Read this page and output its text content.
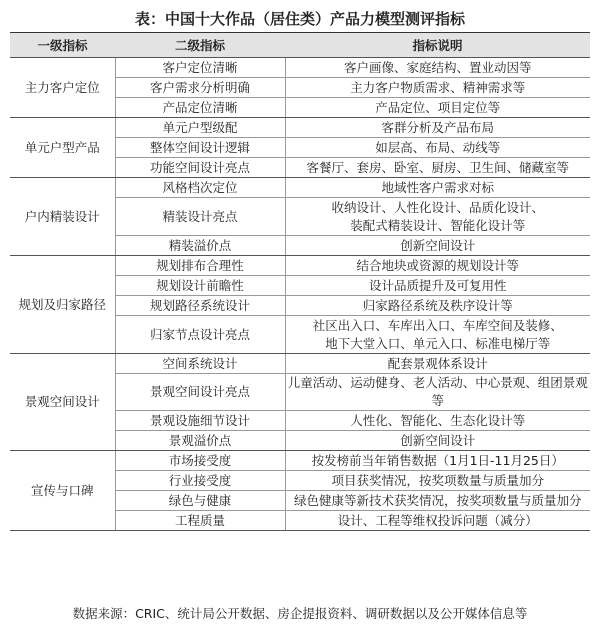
表：中国十大作品（居住类）产品力模型测评指标
一级指标	二级指标	指标说明
主力客户定位	客户定位清晰	客户画像、家庭结构、置业动因等
	客户需求分析明确	主力客户物质需求、精神需求等
	产品定位清晰	产品定位、项目定位等
单元户型产品	单元户型级配	客群分析及产品布局
	整体空间设计逻辑	如层高、布局、动线等
	功能空间设计亮点	客餐厅、套房、卧室、厨房、卫生间、储藏室等
户内精装设计	风格档次定位	地域性客户需求对标
	精装设计亮点	收纳设计、人性化设计、品质化设计、
装配式精装设计、智能化设计等
	精装溢价点	创新空间设计
规划及归家路径	规划排布合理性	结合地块或资源的规划设计等
	规划设计前瞻性	设计品质提升及可复用性
	规划路径系统设计	归家路径系统及秩序设计等
	归家节点设计亮点	社区出入口、车库出入口、车库空间及装修、
地下大堂入口、单元入口、标准电梯厅等
景观空间设计	空间系统设计	配套景观体系设计
	景观空间设计亮点	儿童活动、运动健身、老人活动、中心景观、组团景观等
	景观设施细节设计	人性化、智能化、生态化设计等
	景观溢价点	创新空间设计
宣传与口碑	市场接受度	按发榜前当年销售数据（1月1日-11月25日）
	行业接受度	项目获奖情况，按奖项数量与质量加分
	绿色与健康	绿色健康等新技术获奖情况，按奖项数量与质量加分
	工程质量	设计、工程等维权投诉问题（减分）
数据来源：CRIC、统计局公开数据、房企提报资料、调研数据以及公开媒体信息等
